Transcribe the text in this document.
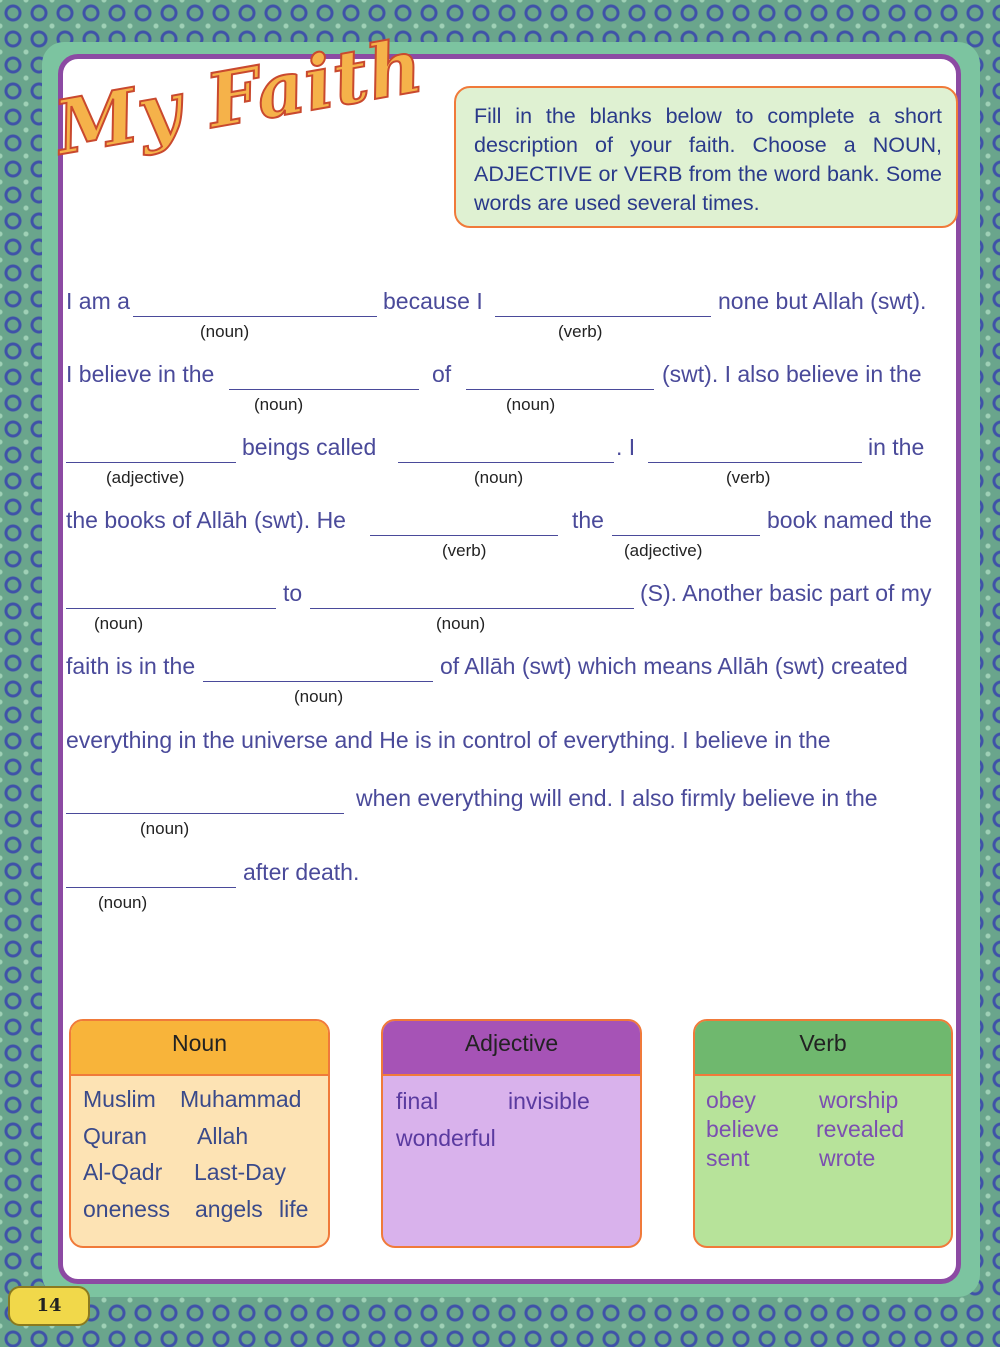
My Faith	Fill in the blanks below to complete a short description of your faith. Choose a NOUN, ADJECTIVE or VERB from the word bank. Some words are used several times.
I am a	because I	none but Allah (swt).
(noun)	(verb)
I believe in the	of	(swt). I also believe in the
(noun)	(noun)
beings called	. I	in the
(adjective)	(noun)	(verb)
the books of Allāh (swt). He	the	book named the
(verb)	(adjective)
to	(S). Another basic part of my
(noun)	(noun)
faith is in the	of Allāh (swt) which means Allāh (swt) created
(noun)
everything in the universe and He is in control of everything. I believe in the
when everything will end. I also firmly believe in the
(noun)
after death.
(noun)
Noun
Muslim Muhammad
Quran Allah
Al-Qadr Last-Day
oneness angels life
Adjective
final	invisible
wonderful
Verb
obey	worship
believe revealed
sent	wrote
14
